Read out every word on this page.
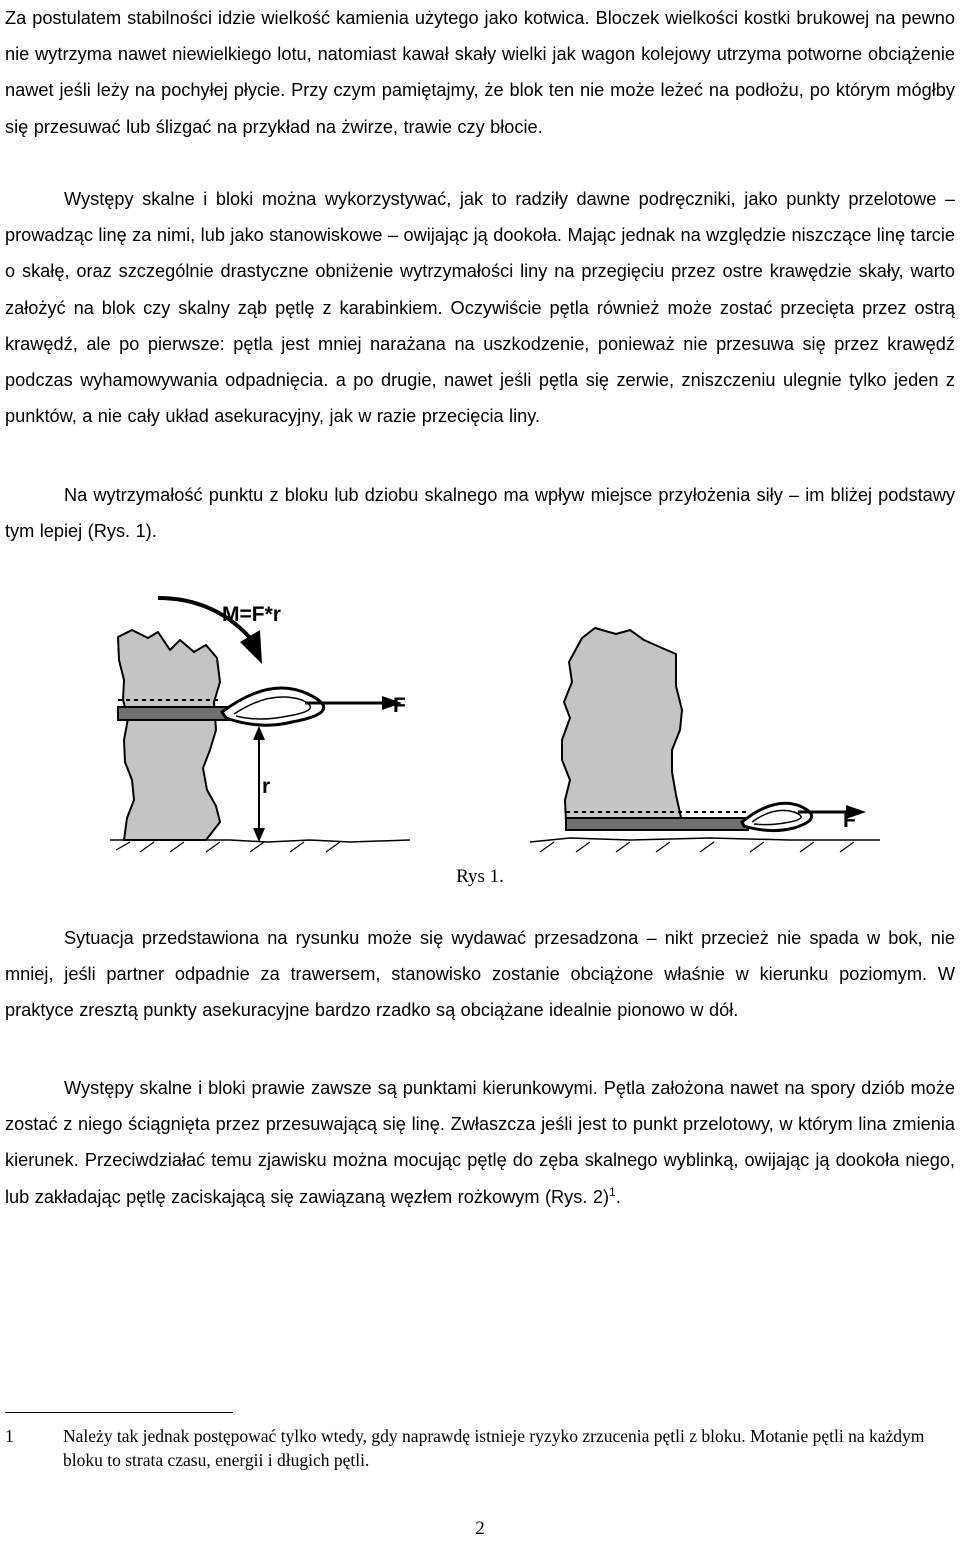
Za postulatem stabilności idzie wielkość kamienia użytego jako kotwica. Bloczek wielkości kostki brukowej na pewno nie wytrzyma nawet niewielkiego lotu, natomiast kawał skały wielki jak wagon kolejowy utrzyma potworne obciążenie nawet jeśli leży na pochyłej płycie. Przy czym pamiętajmy, że blok ten nie może leżeć na podłożu, po którym mógłby się przesuwać lub ślizgać na przykład na żwirze, trawie czy błocie.

Występy skalne i bloki można wykorzystywać, jak to radziły dawne podręczniki, jako punkty przelotowe – prowadząc linę za nimi, lub jako stanowiskowe – owijając ją dookoła. Mając jednak na względzie niszczące linę tarcie o skałę, oraz szczególnie drastyczne obniżenie wytrzymałości liny na przegięciu przez ostre krawędzie skały, warto założyć na blok czy skalny ząb pętlę z karabinkiem. Oczywiście pętla również może zostać przecięta przez ostrą krawędź, ale po pierwsze: pętla jest mniej narażana na uszkodzenie, ponieważ nie przesuwa się przez krawędź podczas wyhamowywania odpadnięcia. a po drugie, nawet jeśli pętla się zerwie, zniszczeniu ulegnie tylko jeden z punktów, a nie cały układ asekuracyjny, jak w razie przecięcia liny.

Na wytrzymałość punktu z bloku lub dziobu skalnego ma wpływ miejsce przyłożenia siły – im bliżej podstawy tym lepiej (Rys. 1).

M=F*r
F
r
F
Rys 1.

Sytuacja przedstawiona na rysunku może się wydawać przesadzona – nikt przecież nie spada w bok, nie mniej, jeśli partner odpadnie za trawersem, stanowisko zostanie obciążone właśnie w kierunku poziomym. W praktyce zresztą punkty asekuracyjne bardzo rzadko są obciążane idealnie pionowo w dół.

Występy skalne i bloki prawie zawsze są punktami kierunkowymi. Pętla założona nawet na spory dziób może zostać z niego ściągnięta przez przesuwającą się linę. Zwłaszcza jeśli jest to punkt przelotowy, w którym lina zmienia kierunek. Przeciwdziałać temu zjawisku można mocując pętlę do zęba skalnego wyblinką, owijając ją dookoła niego, lub zakładając pętlę zaciskającą się zawiązaną węzłem rożkowym (Rys. 2)$^1$.

1	Należy tak jednak postępować tylko wtedy, gdy naprawdę istnieje ryzyko zrzucenia pętli z bloku. Motanie pętli na każdym bloku to strata czasu, energii i długich pętli.
2
